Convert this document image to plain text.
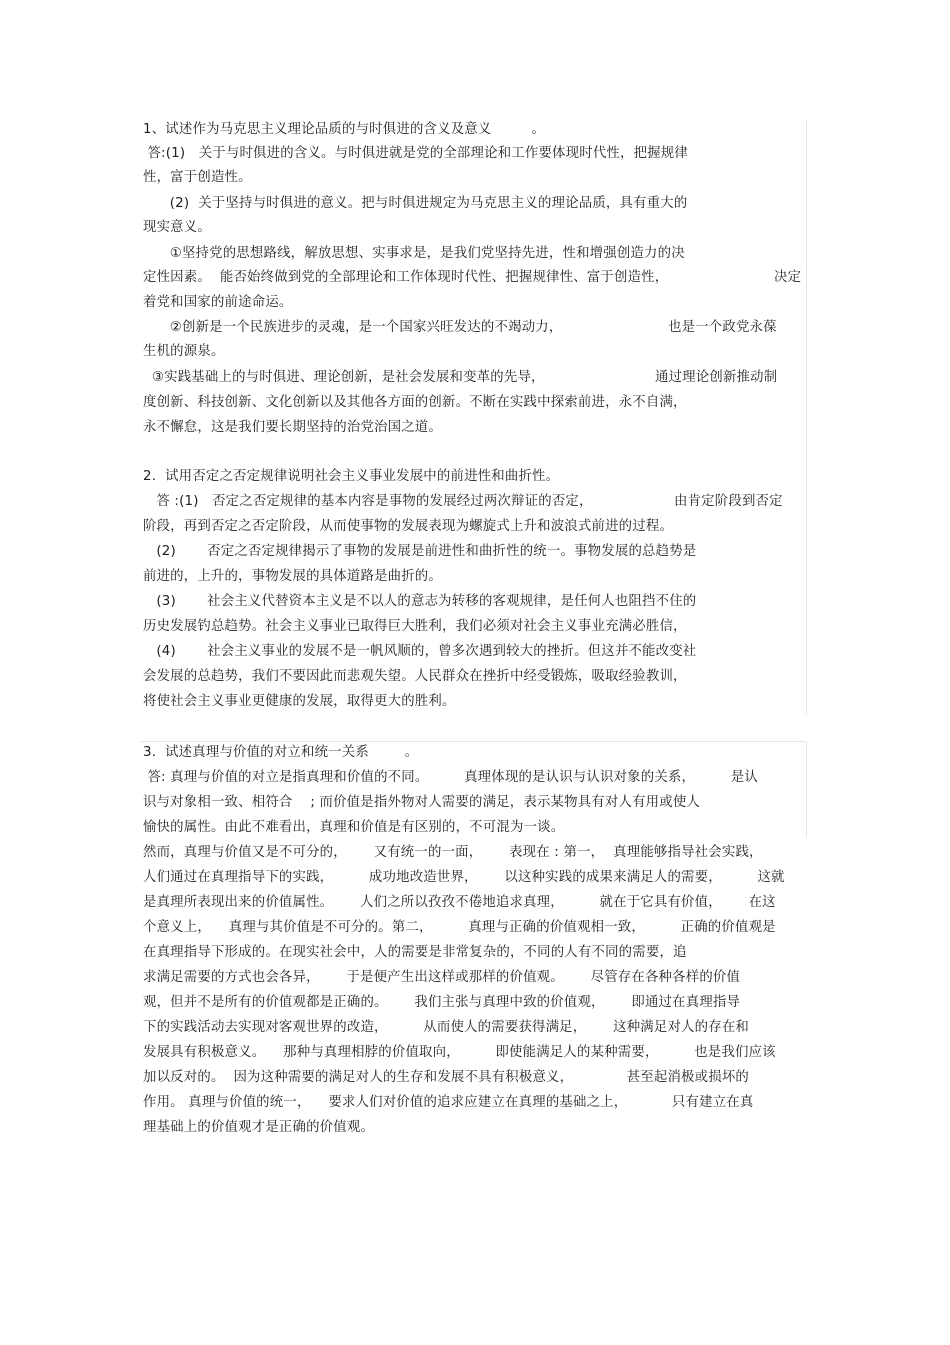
1、试述作为马克思主义理论品质的与时俱进的含义及意义         。
答:(1)   关于与时俱进的含义。与时俱进就是党的全部理论和工作要体现时代性，把握规律
性，富于创造性。
(2)  关于坚持与时俱进的意义。把与时俱进规定为马克思主义的理论品质，具有重大的
现实意义。
①坚持党的思想路线，解放思想、实事求是，是我们党坚持先进，性和增强创造力的决
定性因素。  能否始终做到党的全部理论和工作体现时代性、把握规律性、富于创造性，	决定
着党和国家的前途命运。
②创新是一个民族进步的灵魂，是一个国家兴旺发达的不竭动力，	也是一个政党永葆
生机的源泉。
③实践基础上的与时俱进、理论创新，是社会发展和变革的先导，	通过理论创新推动制
度创新、科技创新、文化创新以及其他各方面的创新。不断在实践中探索前进，永不自满，
永不懈怠，这是我们要长期坚持的治党治国之道。
2.  试用否定之否定规律说明社会主义事业发展中的前进性和曲折性。
答 :(1)   否定之否定规律的基本内容是事物的发展经过两次辩证的否定，	由肯定阶段到否定
阶段，再到否定之否定阶段，从而使事物的发展表现为螺旋式上升和波浪式前进的过程。
(2)       否定之否定规律揭示了事物的发展是前进性和曲折性的统一。事物发展的总趋势是
前进的，上升的，事物发展的具体道路是曲折的。
(3)       社会主义代替资本主义是不以人的意志为转移的客观规律，是任何人也阻挡不住的
历史发展钓总趋势。社会主义事业已取得巨大胜利，我们必须对社会主义事业充满必胜信，
(4)       社会主义事业的发展不是一帆风顺的，曾多次遇到较大的挫折。但这并不能改变社
会发展的总趋势，我们不要因此而悲观失望。人民群众在挫折中经受锻炼，吸取经验教训，
将使社会主义事业更健康的发展，取得更大的胜利。
3.  试述真理与价值的对立和统一关系        。
答: 真理与价值的对立是指真理和价值的不同。        真理体现的是认识与认识对象的关系，        是认
识与对象相一致、相符合    ; 而价值是指外物对人需要的满足，表示某物具有对人有用或使人
愉快的属性。由此不难看出，真理和价值是有区别的，不可混为一谈。
然而，真理与价值又是不可分的，      又有统一的一面，      表现在 : 第一，  真理能够指导社会实践，
人们通过在真理指导下的实践，        成功地改造世界，      以这种实践的成果来满足人的需要，        这就
是真理所表现出来的价值属性。      人们之所以孜孜不倦地追求真理，        就在于它具有价值，      在这
个意义上，    真理与其价值是不可分的。第二，        真理与正确的价值观相一致，        正确的价值观是
在真理指导下形成的。在现实社会中，人的需要是非常复杂的，不同的人有不同的需要，追
求满足需要的方式也会各异，      于是便产生出这样或那样的价值观。      尽管存在各种各样的价值
观，但并不是所有的价值观都是正确的。      我们主张与真理中致的价值观，      即通过在真理指导
下的实践活动去实现对客观世界的改造，        从而使人的需要获得满足，      这种满足对人的存在和
发展具有积极意义。    那种与真理相脖的价值取向，        即使能满足人的某种需要，        也是我们应该
加以反对的。  因为这种需要的满足对人的生存和发展不具有积极意义，            甚至起消极或损坏的
作用。 真理与价值的统一，    要求人们对价值的追求应建立在真理的基础之上，          只有建立在真
理基础上的价值观才是正确的价值观。
